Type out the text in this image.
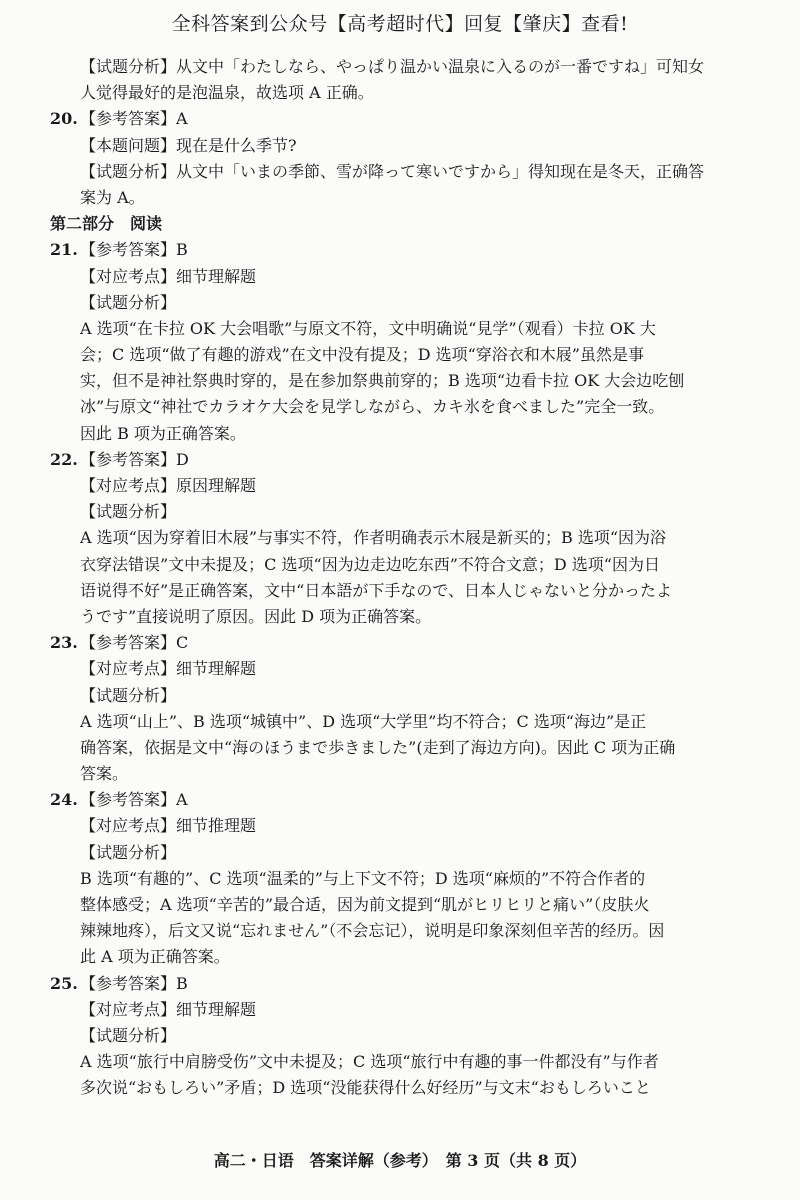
全科答案到公众号【高考超时代】回复【肇庆】查看!
【试题分析】从文中「わたしなら、やっぱり温かい温泉に入るのが一番ですね」可知女
人觉得最好的是泡温泉，故选项 A 正确。
20. 【参考答案】A
【本题问题】现在是什么季节?
【试题分析】从文中「いまの季節、雪が降って寒いですから」得知现在是冬天，正确答
案为 A。
第二部分　阅读
21. 【参考答案】B
【对应考点】细节理解题
【试题分析】
A 选项“在卡拉 OK 大会唱歌”与原文不符，文中明确说“見学”（观看）卡拉 OK 大
会；C 选项“做了有趣的游戏”在文中没有提及；D 选项“穿浴衣和木屐”虽然是事
实，但不是神社祭典时穿的，是在参加祭典前穿的；B 选项“边看卡拉 OK 大会边吃刨
冰”与原文“神社でカラオケ大会を見学しながら、カキ氷を食べました”完全一致。
因此 B 项为正确答案。
22. 【参考答案】D
【对应考点】原因理解题
【试题分析】
A 选项“因为穿着旧木屐”与事实不符，作者明确表示木屐是新买的；B 选项“因为浴
衣穿法错误”文中未提及；C 选项“因为边走边吃东西”不符合文意；D 选项“因为日
语说得不好”是正确答案，文中“日本語が下手なので、日本人じゃないと分かったよ
うです”直接说明了原因。因此 D 项为正确答案。
23. 【参考答案】C
【对应考点】细节理解题
【试题分析】
A 选项“山上”、B 选项“城镇中”、D 选项“大学里”均不符合；C 选项“海边”是正
确答案，依据是文中“海のほうまで歩きました”(走到了海边方向)。因此 C 项为正确
答案。
24. 【参考答案】A
【对应考点】细节推理题
【试题分析】
B 选项“有趣的”、C 选项“温柔的”与上下文不符；D 选项“麻烦的”不符合作者的
整体感受；A 选项“辛苦的”最合适，因为前文提到“肌がヒリヒリと痛い”（皮肤火
辣辣地疼），后文又说“忘れません”（不会忘记），说明是印象深刻但辛苦的经历。因
此 A 项为正确答案。
25. 【参考答案】B
【对应考点】细节理解题
【试题分析】
A 选项“旅行中肩膀受伤”文中未提及；C 选项“旅行中有趣的事一件都没有”与作者
多次说“おもしろい”矛盾；D 选项“没能获得什么好经历”与文末“おもしろいこと
高二・日语　答案详解（参考）　第 3 页（共 8 页）
